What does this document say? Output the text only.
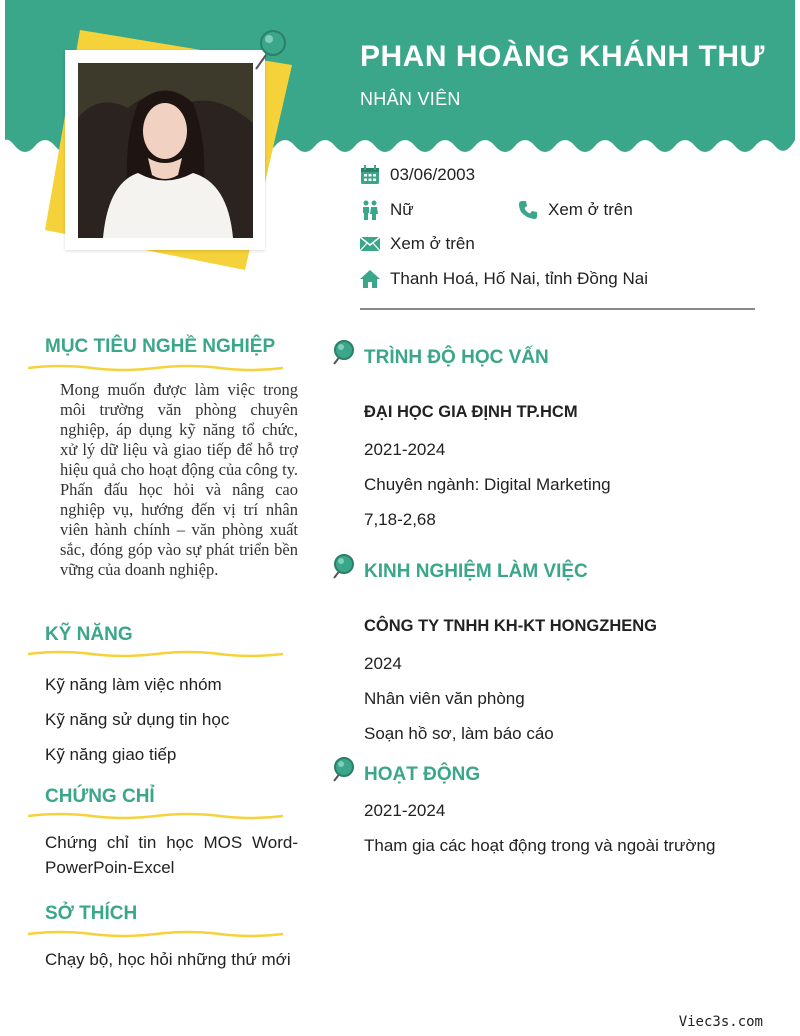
PHAN HOÀNG KHÁNH THƯ
NHÂN VIÊN
03/06/2003
Nữ	Xem ở trên
Xem ở trên
Thanh Hoá, Hố Nai, tỉnh Đồng Nai
MỤC TIÊU NGHỀ NGHIỆP
Mong muốn được làm việc trong môi trường văn phòng chuyên nghiệp, áp dụng kỹ năng tổ chức, xử lý dữ liệu và giao tiếp để hỗ trợ hiệu quả cho hoạt động của công ty. Phấn đấu học hỏi và nâng cao nghiệp vụ, hướng đến vị trí nhân viên hành chính – văn phòng xuất sắc, đóng góp vào sự phát triển bền vững của doanh nghiệp.
KỸ NĂNG
Kỹ năng làm việc nhóm
Kỹ năng sử dụng tin học
Kỹ năng giao tiếp
CHỨNG CHỈ
Chứng chỉ tin học MOS Word-PowerPoin-Excel
SỞ THÍCH
Chạy bộ, học hỏi những thứ mới
TRÌNH ĐỘ HỌC VẤN
ĐẠI HỌC GIA ĐỊNH TP.HCM
2021-2024
Chuyên ngành: Digital Marketing
7,18-2,68
KINH NGHIỆM LÀM VIỆC
CÔNG TY TNHH KH-KT HONGZHENG
2024
Nhân viên văn phòng
Soạn hồ sơ, làm báo cáo
HOẠT ĐỘNG
2021-2024
Tham gia các hoạt động trong và ngoài trường
Viec3s.com
